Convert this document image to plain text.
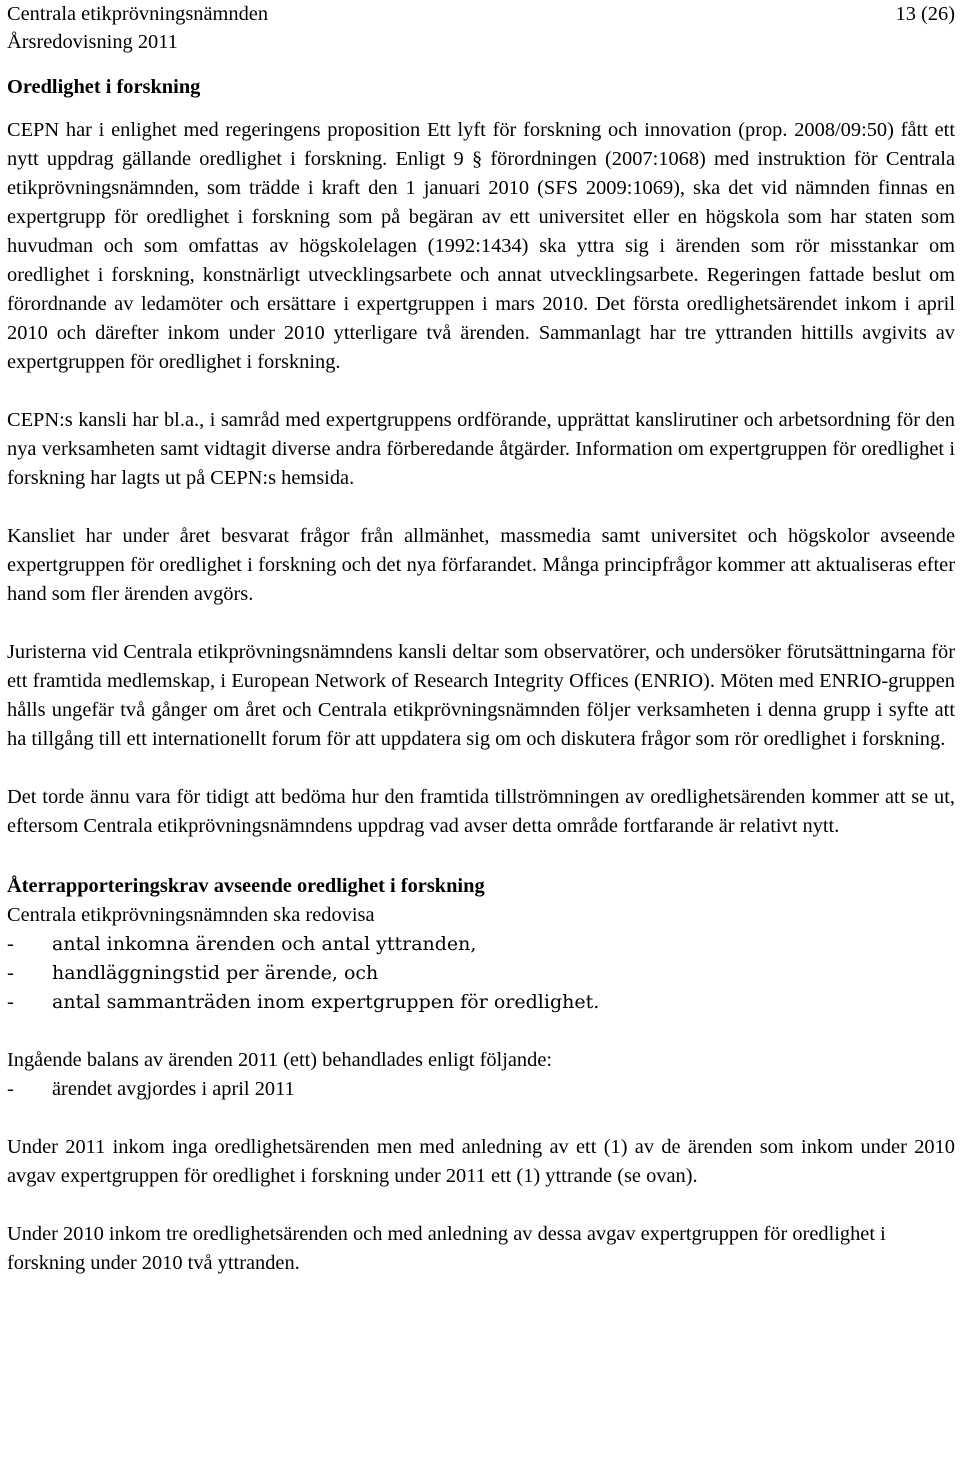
Centrala etikprövningsnämnden
Årsredovisning 2011
13 (26)
Oredlighet i forskning

CEPN har i enlighet med regeringens proposition Ett lyft för forskning och innovation (prop. 2008/09:50) fått ett nytt uppdrag gällande oredlighet i forskning. Enligt 9 § förordningen (2007:1068) med instruktion för Centrala etikprövningsnämnden, som trädde i kraft den 1 januari 2010 (SFS 2009:1069), ska det vid nämnden finnas en expertgrupp för oredlighet i forskning som på begäran av ett universitet eller en högskola som har staten som huvudman och som omfattas av högskolelagen (1992:1434) ska yttra sig i ärenden som rör misstankar om oredlighet i forskning, konstnärligt utvecklingsarbete och annat utvecklingsarbete. Regeringen fattade beslut om förordnande av ledamöter och ersättare i expertgruppen i mars 2010. Det första oredlighetsärendet inkom i april 2010 och därefter inkom under 2010 ytterligare två ärenden. Sammanlagt har tre yttranden hittills avgivits av expertgruppen för oredlighet i forskning.

CEPN:s kansli har bl.a., i samråd med expertgruppens ordförande, upprättat kanslirutiner och arbetsordning för den nya verksamheten samt vidtagit diverse andra förberedande åtgärder. Information om expertgruppen för oredlighet i forskning har lagts ut på CEPN:s hemsida.

Kansliet har under året besvarat frågor från allmänhet, massmedia samt universitet och högskolor avseende expertgruppen för oredlighet i forskning och det nya förfarandet. Många principfrågor kommer att aktualiseras efter hand som fler ärenden avgörs.

Juristerna vid Centrala etikprövningsnämndens kansli deltar som observatörer, och undersöker förutsättningarna för ett framtida medlemskap, i European Network of Research Integrity Offices (ENRIO). Möten med ENRIO-gruppen hålls ungefär två gånger om året och Centrala etikprövningsnämnden följer verksamheten i denna grupp i syfte att ha tillgång till ett internationellt forum för att uppdatera sig om och diskutera frågor som rör oredlighet i forskning.

Det torde ännu vara för tidigt att bedöma hur den framtida tillströmningen av oredlighetsärenden kommer att se ut, eftersom Centrala etikprövningsnämndens uppdrag vad avser detta område fortfarande är relativt nytt.

Återrapporteringskrav avseende oredlighet i forskning
Centrala etikprövningsnämnden ska redovisa
- antal inkomna ärenden och antal yttranden,
- handläggningstid per ärende, och
- antal sammanträden inom expertgruppen för oredlighet.
Ingående balans av ärenden 2011 (ett) behandlades enligt följande:
- ärendet avgjordes i april 2011

Under 2011 inkom inga oredlighetsärenden men med anledning av ett (1) av de ärenden som inkom under 2010 avgav expertgruppen för oredlighet i forskning under 2011 ett (1) yttrande (se ovan).

Under 2010 inkom tre oredlighetsärenden och med anledning av dessa avgav expertgruppen för oredlighet i forskning under 2010 två yttranden.
